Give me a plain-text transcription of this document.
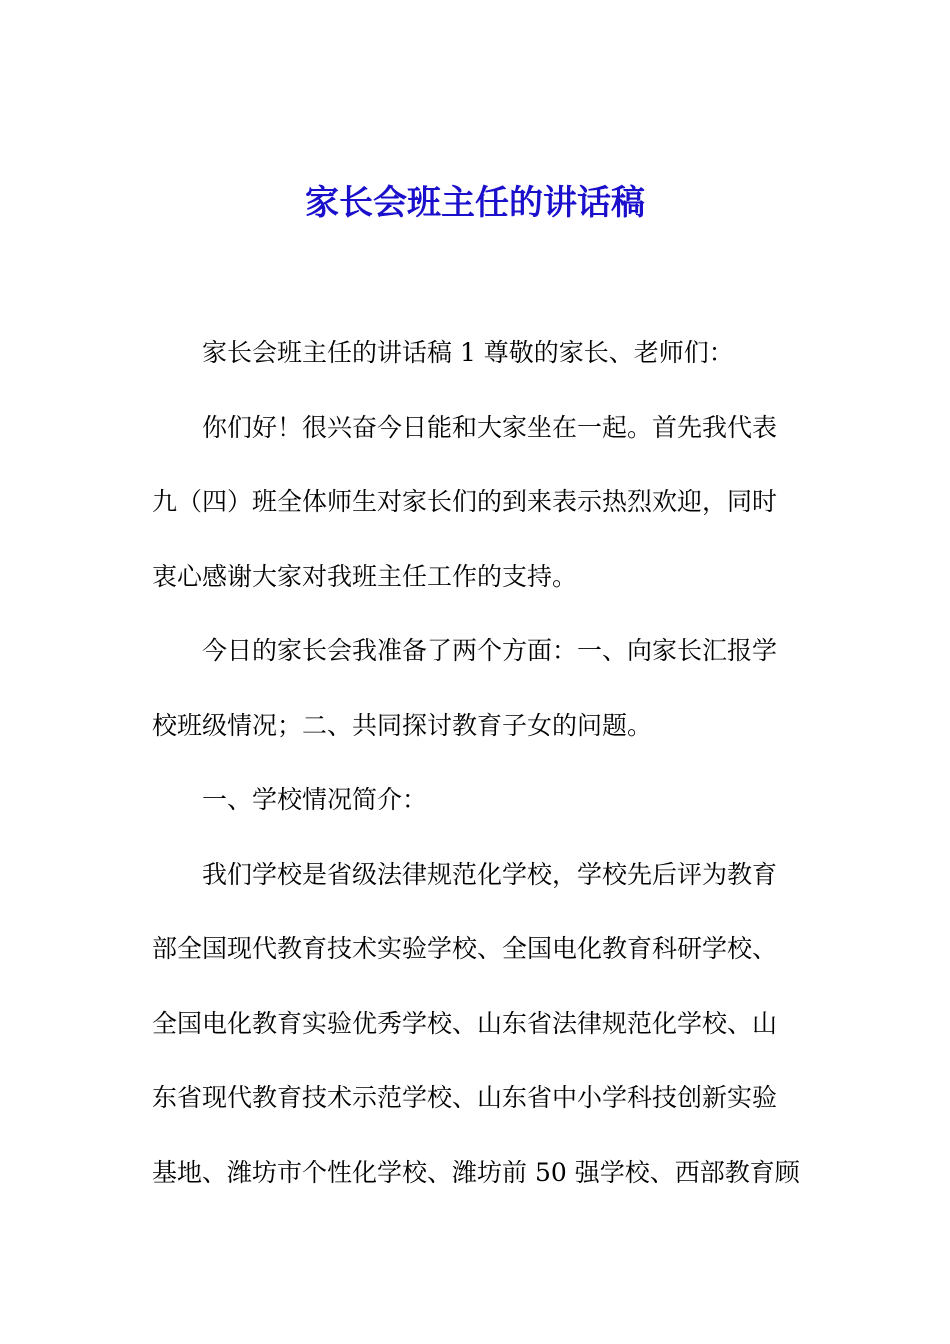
家长会班主任的讲话稿

家长会班主任的讲话稿 1 尊敬的家长、老师们：

你们好！很兴奋今日能和大家坐在一起。首先我代表

九（四）班全体师生对家长们的到来表示热烈欢迎，同时

衷心感谢大家对我班主任工作的支持。

今日的家长会我准备了两个方面：一、向家长汇报学

校班级情况；二、共同探讨教育子女的问题。

一、学校情况简介：

我们学校是省级法律规范化学校，学校先后评为教育

部全国现代教育技术实验学校、全国电化教育科研学校、

全国电化教育实验优秀学校、山东省法律规范化学校、山

东省现代教育技术示范学校、山东省中小学科技创新实验

基地、潍坊市个性化学校、潍坊前 50 强学校、西部教育顾
